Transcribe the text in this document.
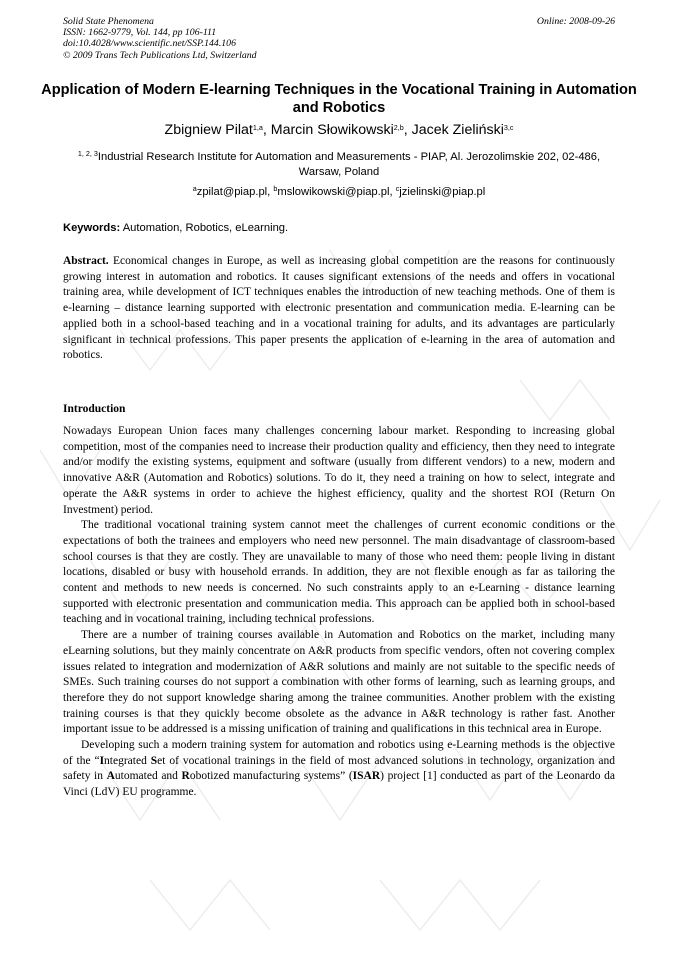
Solid State Phenomena
ISSN: 1662-9779, Vol. 144, pp 106-111
doi:10.4028/www.scientific.net/SSP.144.106
© 2009 Trans Tech Publications Ltd, Switzerland
Online: 2008-09-26
Application of Modern E-learning Techniques in the Vocational Training in Automation and Robotics
Zbigniew Pilat$^{1,a}$, Marcin Słowikowski$^{2,b}$, Jacek Zieliński$^{3,c}$
$^{1, 2, 3}$Industrial Research Institute for Automation and Measurements - PIAP, Al. Jerozolimskie 202, 02-486, Warsaw, Poland
$^a$zpilat@piap.pl, $^b$mslowikowski@piap.pl, $^c$jzielinski@piap.pl
Keywords: Automation, Robotics, eLearning.

Abstract. Economical changes in Europe, as well as increasing global competition are the reasons for continuously growing interest in automation and robotics. It causes significant extensions of the needs and offers in vocational training area, while development of ICT techniques enables the introduction of new teaching methods. One of them is e-learning – distance learning supported with electronic presentation and communication media. E-learning can be applied both in a school-based teaching and in a vocational training for adults, and its advantages are particularly significant in technical professions. This paper presents the application of e-learning in the area of automation and robotics.

Introduction

Nowadays European Union faces many challenges concerning labour market. Responding to increasing global competition, most of the companies need to increase their production quality and efficiency, then they need to integrate and/or modify the existing systems, equipment and software (usually from different vendors) to a new, modern and innovative A&R (Automation and Robotics) solutions. To do it, they need a training on how to select, integrate and operate the A&R systems in order to achieve the highest efficiency, quality and the shortest ROI (Return On Investment) period.

The traditional vocational training system cannot meet the challenges of current economic conditions or the expectations of both the trainees and employers who need new personnel. The main disadvantage of classroom-based school courses is that they are costly. They are unavailable to many of those who need them: people living in distant locations, disabled or busy with household errands. In addition, they are not flexible enough as far as tailoring the content and methods to new needs is concerned. No such constraints apply to an e-Learning - distance learning supported with electronic presentation and communication media. This approach can be applied both in school-based teaching and in vocational training, including technical professions.

There are a number of training courses available in Automation and Robotics on the market, including many eLearning solutions, but they mainly concentrate on A&R products from specific vendors, often not covering complex issues related to integration and modernization of A&R solutions and mainly are not suitable to the specific needs of SMEs. Such training courses do not support a combination with other forms of learning, such as learning groups, and therefore they do not support knowledge sharing among the trainee communities. Another problem with the existing training courses is that they quickly become obsolete as the advance in A&R technology is rather fast. Another important issue to be addressed is a missing unification of training and qualifications in this technical area in Europe.

Developing such a modern training system for automation and robotics using e-Learning methods is the objective of the “Integrated Set of vocational trainings in the field of most advanced solutions in technology, organization and safety in Automated and Robotized manufacturing systems” (ISAR) project [1] conducted as part of the Leonardo da Vinci (LdV) EU programme.
